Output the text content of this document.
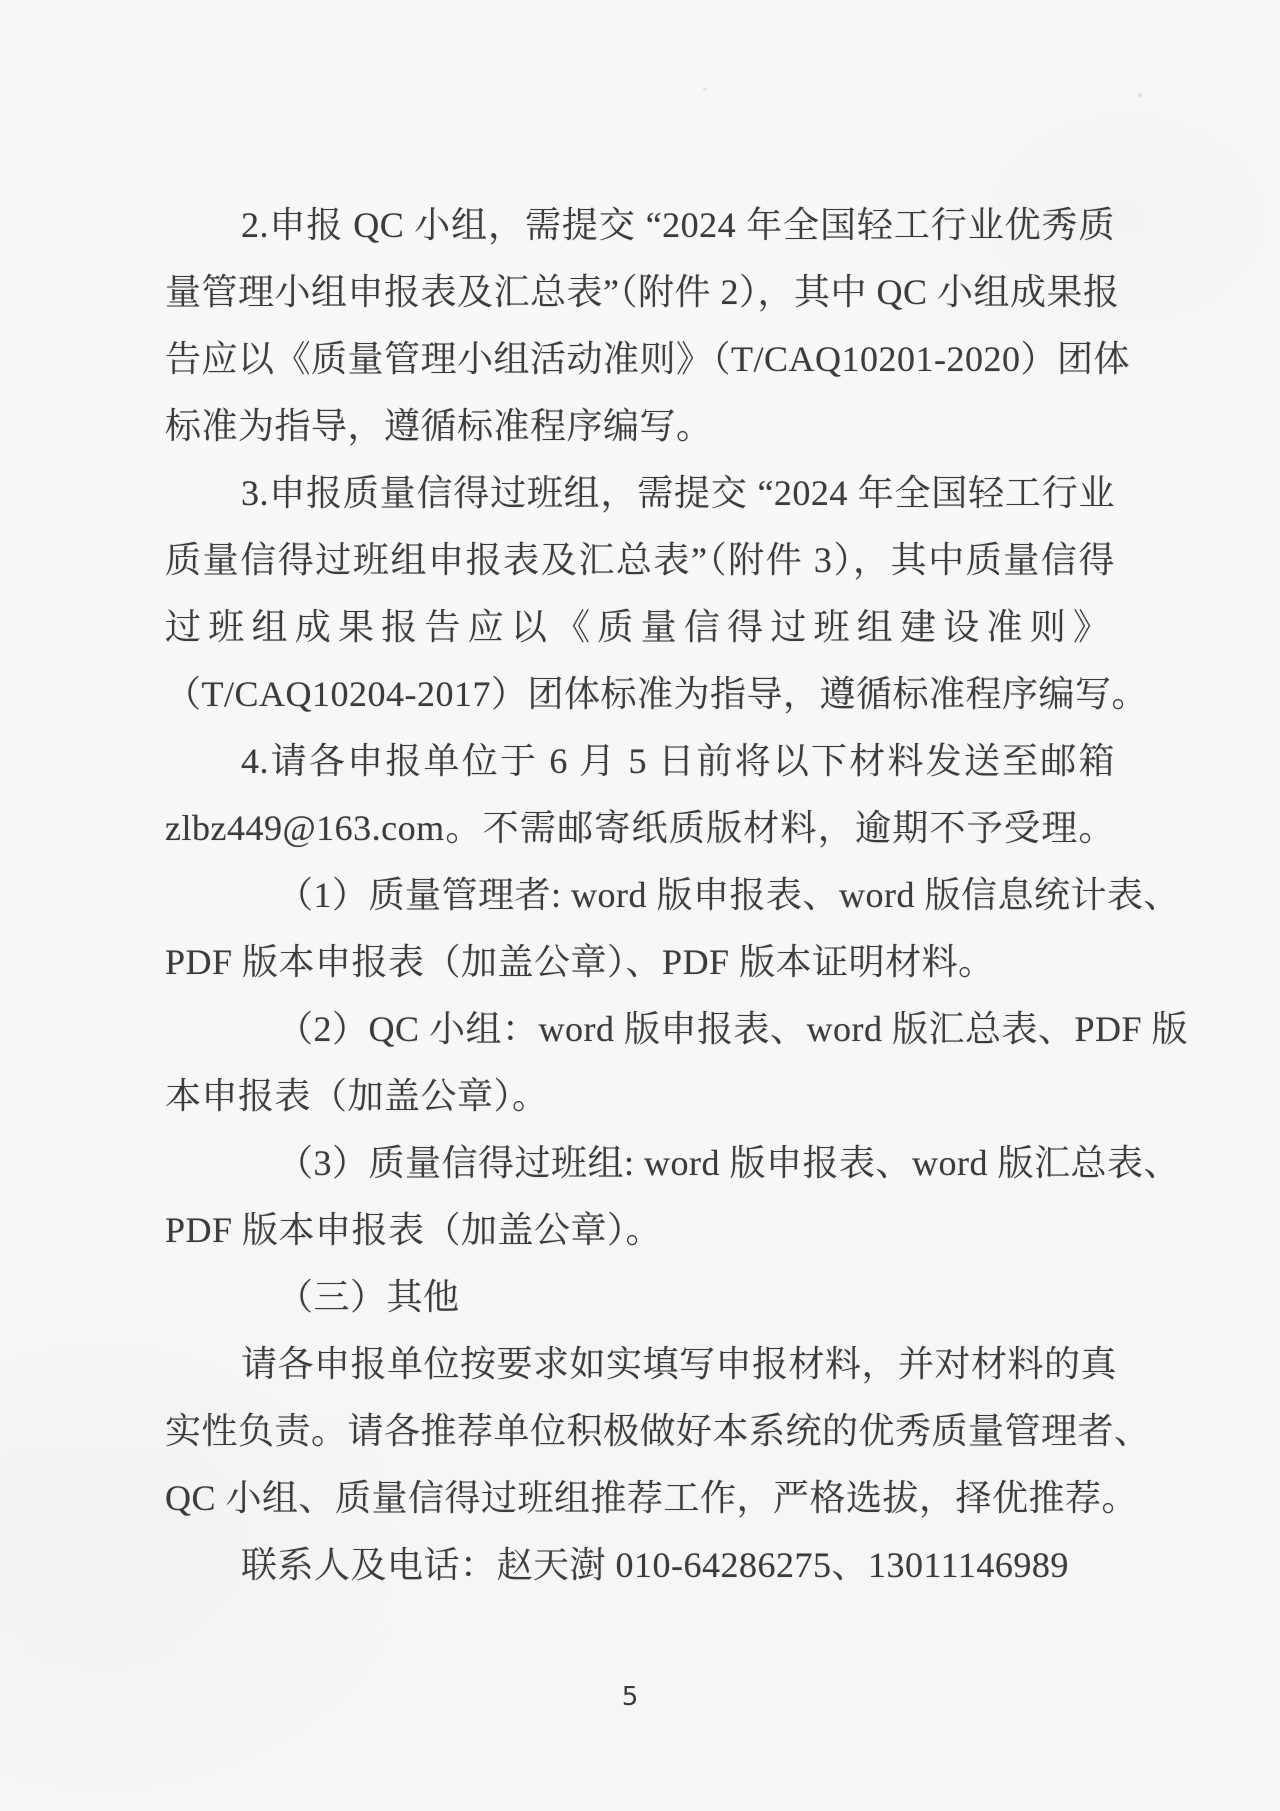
2.申报 QC 小组，需提交 “2024 年全国轻工行业优秀质
量管理小组申报表及汇总表”（附件 2），其中 QC 小组成果报
告应以《质量管理小组活动准则》（T/CAQ10201-2020）团体
标准为指导，遵循标准程序编写。
3.申报质量信得过班组，需提交 “2024 年全国轻工行业
质量信得过班组申报表及汇总表”（附件 3），其中质量信得
过班组成果报告应以《质量信得过班组建设准则》
（T/CAQ10204-2017）团体标准为指导，遵循标准程序编写。
4.请各申报单位于 6 月 5 日前将以下材料发送至邮箱
zlbz449@163.com。不需邮寄纸质版材料，逾期不予受理。
（1）质量管理者: word 版申报表、word 版信息统计表、
PDF 版本申报表（加盖公章）、PDF 版本证明材料。
（2）QC 小组：word 版申报表、word 版汇总表、PDF 版
本申报表（加盖公章）。
（3）质量信得过班组: word 版申报表、word 版汇总表、
PDF 版本申报表（加盖公章）。
（三）其他
请各申报单位按要求如实填写申报材料，并对材料的真
实性负责。请各推荐单位积极做好本系统的优秀质量管理者、
QC 小组、质量信得过班组推荐工作，严格选拔，择优推荐。
联系人及电话：赵天澍 010-64286275、13011146989
5
